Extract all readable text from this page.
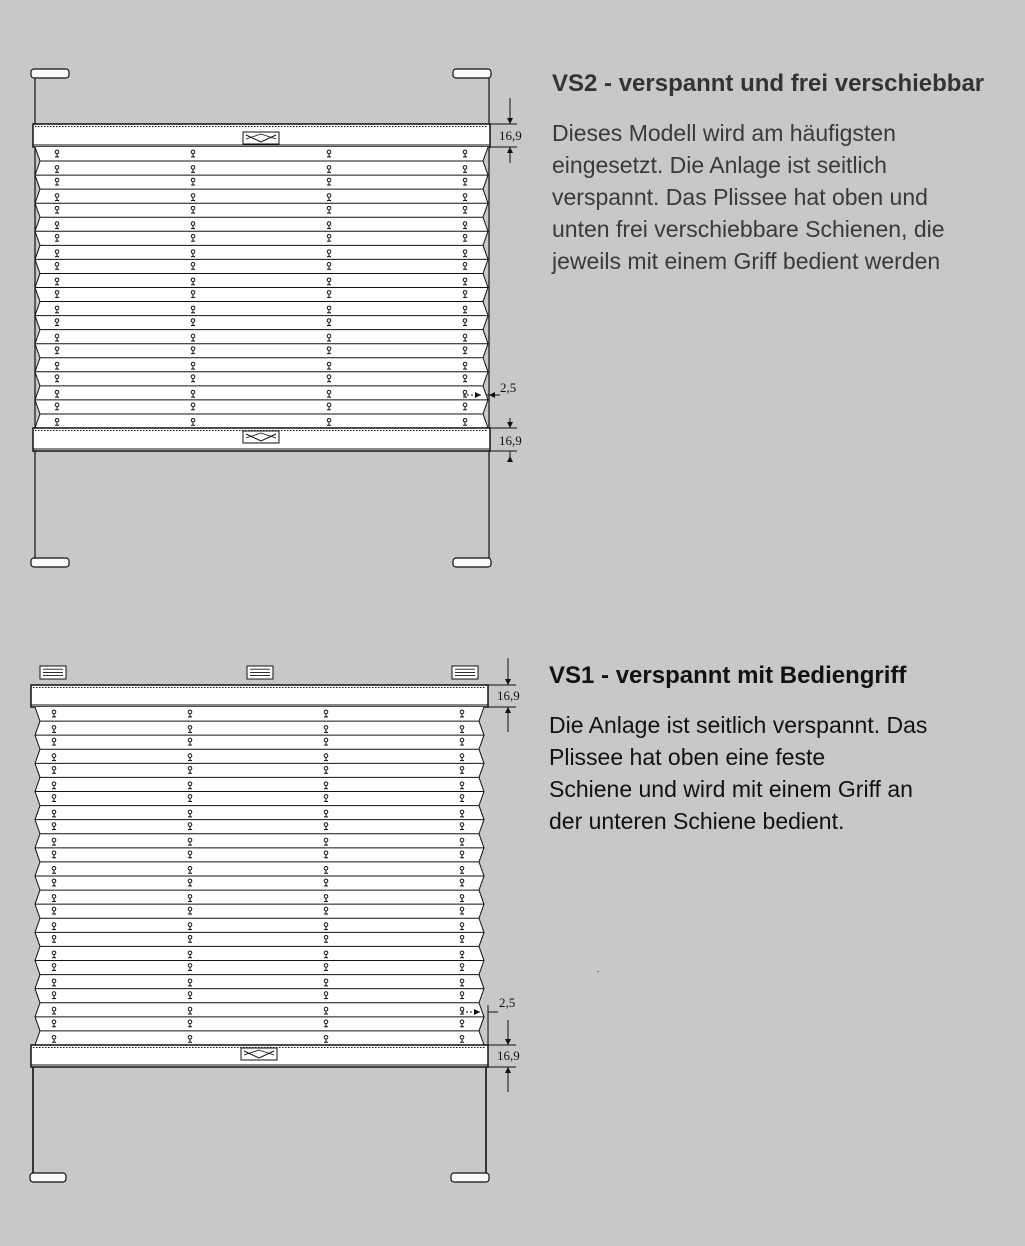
16,9
2,5
16,9
VS2 - verspannt und frei verschiebbar

Dieses Modell wird am häufigsten

eingesetzt. Die Anlage ist seitlich

verspannt. Das Plissee hat oben und

unten frei verschiebbare Schienen, die

jeweils mit einem Griff bedient werden

16,9
2,5
16,9
VS1 - verspannt mit Bediengriff

Die Anlage ist seitlich verspannt. Das

Plissee hat oben eine feste

Schiene und wird mit einem Griff an

der unteren Schiene bedient.
